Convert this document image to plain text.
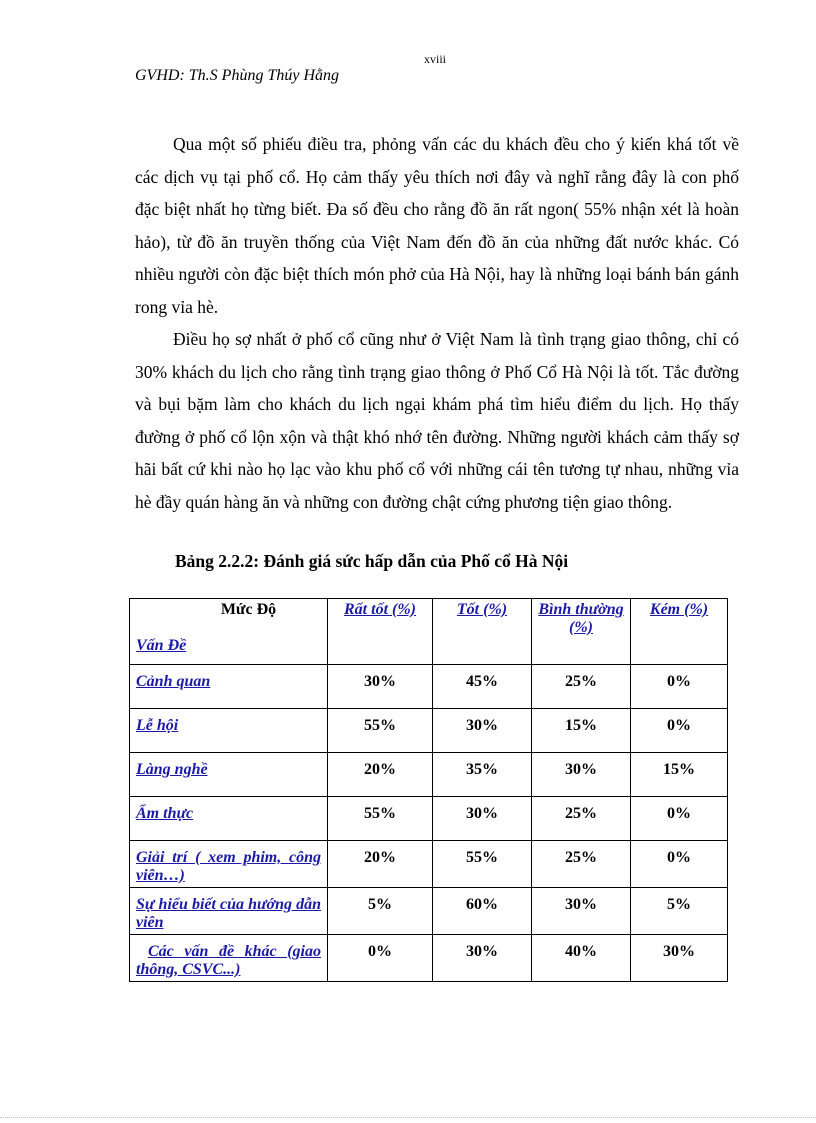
xviii
GVHD: Th.S Phùng Thúy Hằng

Qua một số phiếu điều tra, phỏng vấn các du khách đều cho ý kiến khá tốt về các dịch vụ tại phố cổ. Họ cảm thấy yêu thích nơi đây và nghĩ rằng đây là con phố đặc biệt nhất họ từng biết. Đa số đều cho rằng đồ ăn rất ngon( 55% nhận xét là hoàn hảo), từ đồ ăn truyền thống của Việt Nam đến đồ ăn của những đất nước khác. Có nhiều người còn đặc biệt thích món phở của Hà Nội, hay là những loại bánh bán gánh rong vỉa hè.

Điều họ sợ nhất ở phố cổ cũng như ở Việt Nam là tình trạng giao thông, chỉ có 30% khách du lịch cho rằng tình trạng giao thông ở Phố Cổ Hà Nội là tốt. Tắc đường và bụi bặm làm cho khách du lịch ngại khám phá tìm hiểu điểm du lịch. Họ thấy đường ở phố cổ lộn xộn và thật khó nhớ tên đường. Những người khách cảm thấy sợ hãi bất cứ khi nào họ lạc vào khu phố cổ với những cái tên tương tự nhau, những vỉa hè đầy quán hàng ăn và những con đường chật cứng phương tiện giao thông.

Bảng 2.2.2: Đánh giá sức hấp dẫn của Phố cổ Hà Nội
Mức Độ
Vấn Đề	Rất tốt (%)	Tốt (%)	Bình thường (%)	Kém (%)
Cảnh quan	30%	45%	25%	0%
Lễ hội	55%	30%	15%	0%
Làng nghề	20%	35%	30%	15%
Ẩm thực	55%	30%	25%	0%
Giải trí ( xem phim, công viên…)	20%	55%	25%	0%
Sự hiểu biết của hướng dẫn viên	5%	60%	30%	5%
Các vấn đề khác (giao thông, CSVC...)	0%	30%	40%	30%
